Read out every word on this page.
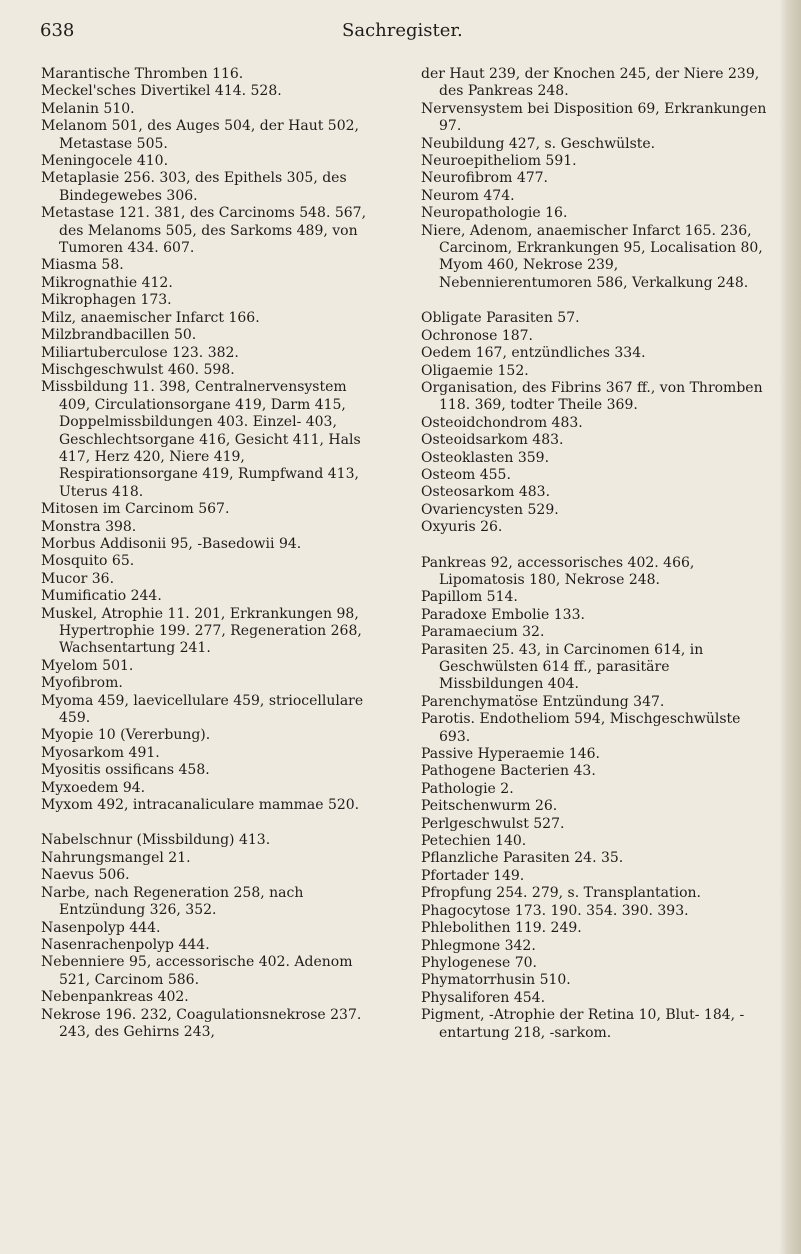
638	Sachregister.

Marantische Thromben 116.

Meckel'sches Divertikel 414. 528.

Melanin 510.

Melanom 501, des Auges 504, der Haut 502, Metastase 505.

Meningocele 410.

Metaplasie 256. 303, des Epithels 305, des Bindegewebes 306.

Metastase 121. 381, des Carcinoms 548. 567, des Melanoms 505, des Sarkoms 489, von Tumoren 434. 607.

Miasma 58.

Mikrognathie 412.

Mikrophagen 173.

Milz, anaemischer Infarct 166.

Milzbrandbacillen 50.

Miliartuberculose 123. 382.

Mischgeschwulst 460. 598.

Missbildung 11. 398, Centralnervensystem 409, Circulationsorgane 419, Darm 415, Doppelmissbildungen 403. Einzel- 403, Geschlechtsorgane 416, Gesicht 411, Hals 417, Herz 420, Niere 419, Respirationsorgane 419, Rumpfwand 413, Uterus 418.

Mitosen im Carcinom 567.

Monstra 398.

Morbus Addisonii 95, -Basedowii 94.

Mosquito 65.

Mucor 36.

Mumificatio 244.

Muskel, Atrophie 11. 201, Erkrankungen 98, Hypertrophie 199. 277, Regeneration 268, Wachsentartung 241.

Myelom 501.

Myofibrom.

Myoma 459, laevicellulare 459, striocellulare 459.

Myopie 10 (Vererbung).

Myosarkom 491.

Myositis ossificans 458.

Myxoedem 94.

Myxom 492, intracanaliculare mammae 520.

Nabelschnur (Missbildung) 413.

Nahrungsmangel 21.

Naevus 506.

Narbe, nach Regeneration 258, nach Entzündung 326, 352.

Nasenpolyp 444.

Nasenrachenpolyp 444.

Nebenniere 95, accessorische 402. Adenom 521, Carcinom 586.

Nebenpankreas 402.

Nekrose 196. 232, Coagulationsnekrose 237. 243, des Gehirns 243,

der Haut 239, der Knochen 245, der Niere 239, des Pankreas 248.

Nervensystem bei Disposition 69, Erkrankungen 97.

Neubildung 427, s. Geschwülste.

Neuroepitheliom 591.

Neurofibrom 477.

Neurom 474.

Neuropathologie 16.

Niere, Adenom, anaemischer Infarct 165. 236, Carcinom, Erkrankungen 95, Localisation 80, Myom 460, Nekrose 239, Nebennierentumoren 586, Verkalkung 248.

Obligate Parasiten 57.

Ochronose 187.

Oedem 167, entzündliches 334.

Oligaemie 152.

Organisation, des Fibrins 367 ff., von Thromben 118. 369, todter Theile 369.

Osteoidchondrom 483.

Osteoidsarkom 483.

Osteoklasten 359.

Osteom 455.

Osteosarkom 483.

Ovariencysten 529.

Oxyuris 26.

Pankreas 92, accessorisches 402. 466, Lipomatosis 180, Nekrose 248.

Papillom 514.

Paradoxe Embolie 133.

Paramaecium 32.

Parasiten 25. 43, in Carcinomen 614, in Geschwülsten 614 ff., parasitäre Missbildungen 404.

Parenchymatöse Entzündung 347.

Parotis. Endotheliom 594, Mischgeschwülste 693.

Passive Hyperaemie 146.

Pathogene Bacterien 43.

Pathologie 2.

Peitschenwurm 26.

Perlgeschwulst 527.

Petechien 140.

Pflanzliche Parasiten 24. 35.

Pfortader 149.

Pfropfung 254. 279, s. Transplantation.

Phagocytose 173. 190. 354. 390. 393.

Phlebolithen 119. 249.

Phlegmone 342.

Phylogenese 70.

Phymatorrhusin 510.

Physaliforen 454.

Pigment, -Atrophie der Retina 10, Blut- 184, -entartung 218, -sarkom.
